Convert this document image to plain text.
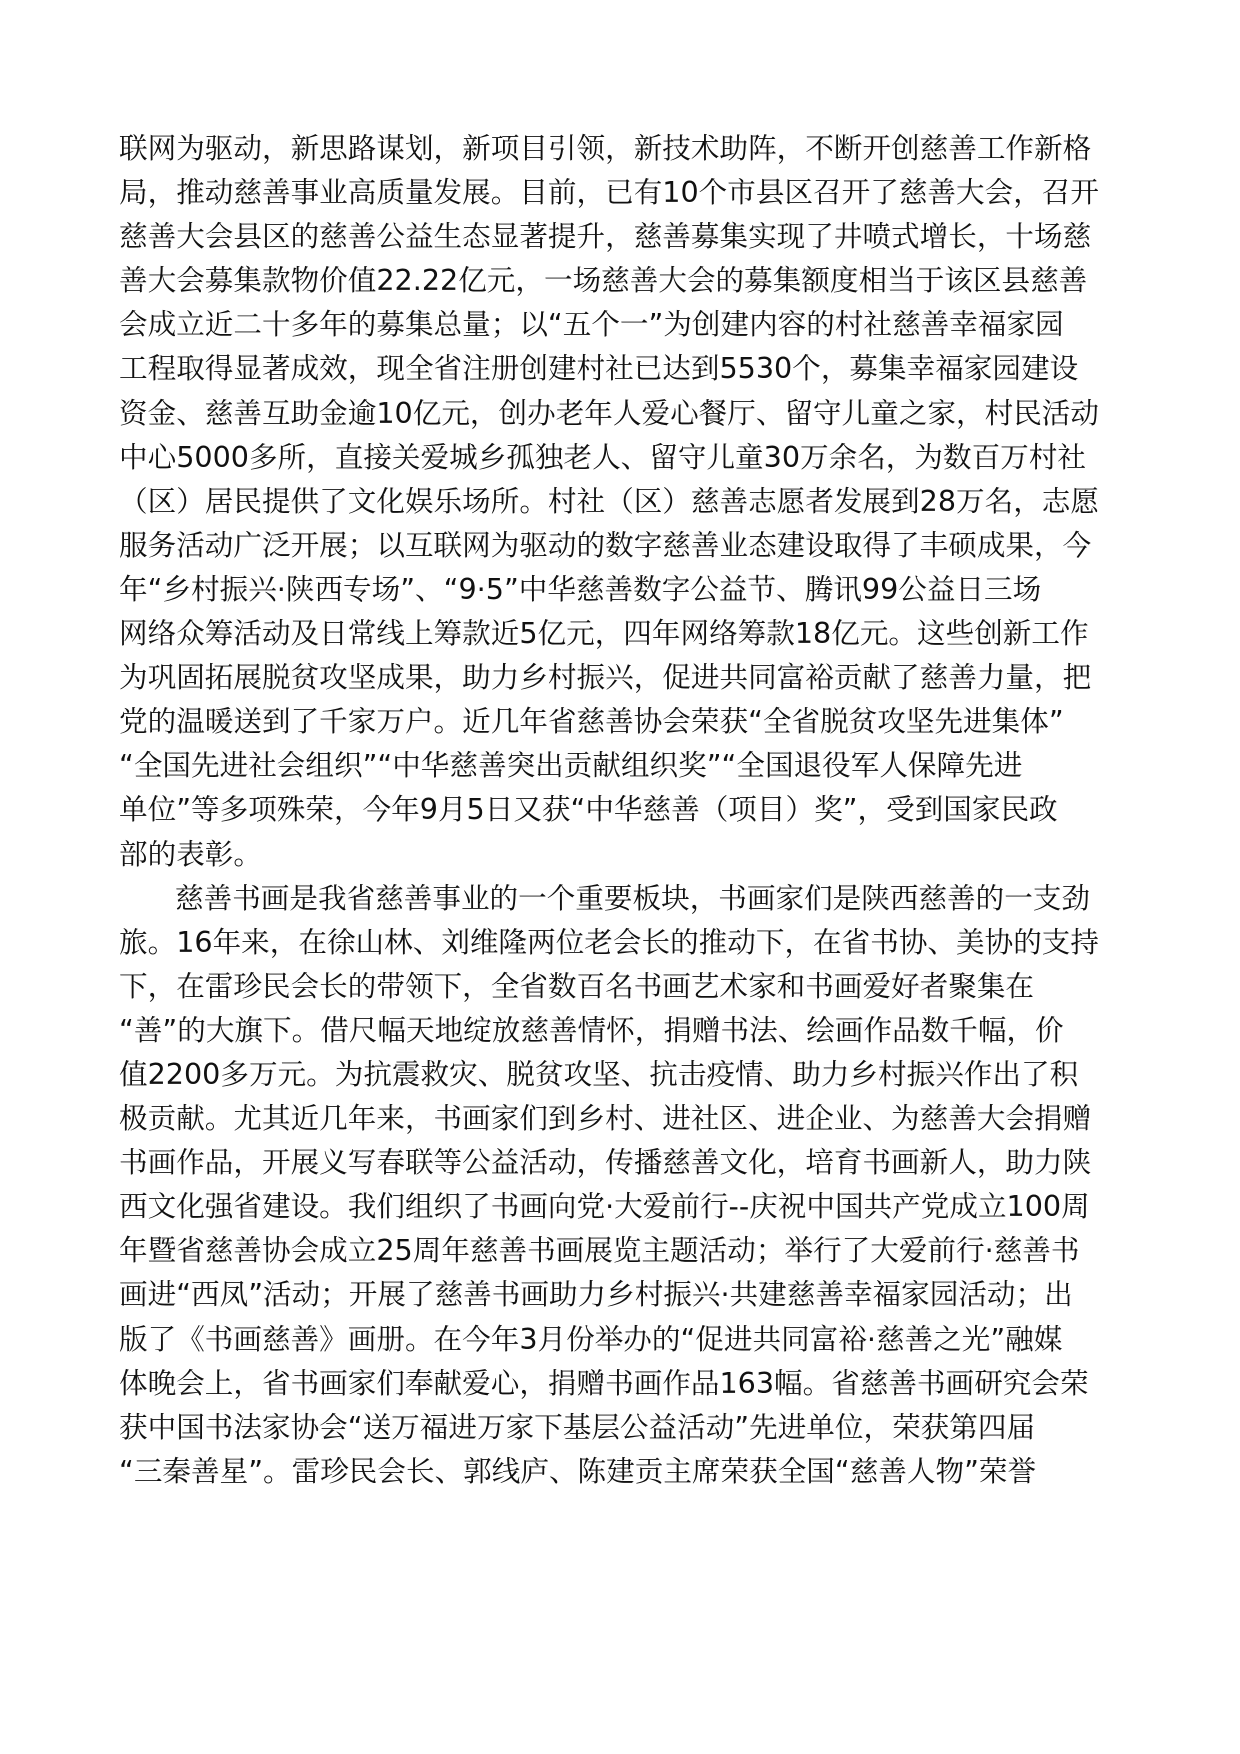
联网为驱动，新思路谋划，新项目引领，新技术助阵，不断开创慈善工作新格
局，推动慈善事业高质量发展。目前，已有10个市县区召开了慈善大会，召开
慈善大会县区的慈善公益生态显著提升，慈善募集实现了井喷式增长，十场慈
善大会募集款物价值22.22亿元，一场慈善大会的募集额度相当于该区县慈善
会成立近二十多年的募集总量；以“五个一”为创建内容的村社慈善幸福家园
工程取得显著成效，现全省注册创建村社已达到5530个，募集幸福家园建设
资金、慈善互助金逾10亿元，创办老年人爱心餐厅、留守儿童之家，村民活动
中心5000多所，直接关爱城乡孤独老人、留守儿童30万余名，为数百万村社
（区）居民提供了文化娱乐场所。村社（区）慈善志愿者发展到28万名，志愿
服务活动广泛开展；以互联网为驱动的数字慈善业态建设取得了丰硕成果，今
年“乡村振兴·陕西专场”、“9·5”中华慈善数字公益节、腾讯99公益日三场
网络众筹活动及日常线上筹款近5亿元，四年网络筹款18亿元。这些创新工作
为巩固拓展脱贫攻坚成果，助力乡村振兴，促进共同富裕贡献了慈善力量，把
党的温暖送到了千家万户。近几年省慈善协会荣获“全省脱贫攻坚先进集体”
“全国先进社会组织”“中华慈善突出贡献组织奖”“全国退役军人保障先进
单位”等多项殊荣，今年9月5日又获“中华慈善（项目）奖”，受到国家民政
部的表彰。
慈善书画是我省慈善事业的一个重要板块，书画家们是陕西慈善的一支劲
旅。16年来，在徐山林、刘维隆两位老会长的推动下，在省书协、美协的支持
下，在雷珍民会长的带领下，全省数百名书画艺术家和书画爱好者聚集在
“善”的大旗下。借尺幅天地绽放慈善情怀，捐赠书法、绘画作品数千幅，价
值2200多万元。为抗震救灾、脱贫攻坚、抗击疫情、助力乡村振兴作出了积
极贡献。尤其近几年来，书画家们到乡村、进社区、进企业、为慈善大会捐赠
书画作品，开展义写春联等公益活动，传播慈善文化，培育书画新人，助力陕
西文化强省建设。我们组织了书画向党·大爱前行--庆祝中国共产党成立100周
年暨省慈善协会成立25周年慈善书画展览主题活动；举行了大爱前行·慈善书
画进“西凤”活动；开展了慈善书画助力乡村振兴·共建慈善幸福家园活动；出
版了《书画慈善》画册。在今年3月份举办的“促进共同富裕·慈善之光”融媒
体晚会上，省书画家们奉献爱心，捐赠书画作品163幅。省慈善书画研究会荣
获中国书法家协会“送万福进万家下基层公益活动”先进单位，荣获第四届
“三秦善星”。雷珍民会长、郭线庐、陈建贡主席荣获全国“慈善人物”荣誉
